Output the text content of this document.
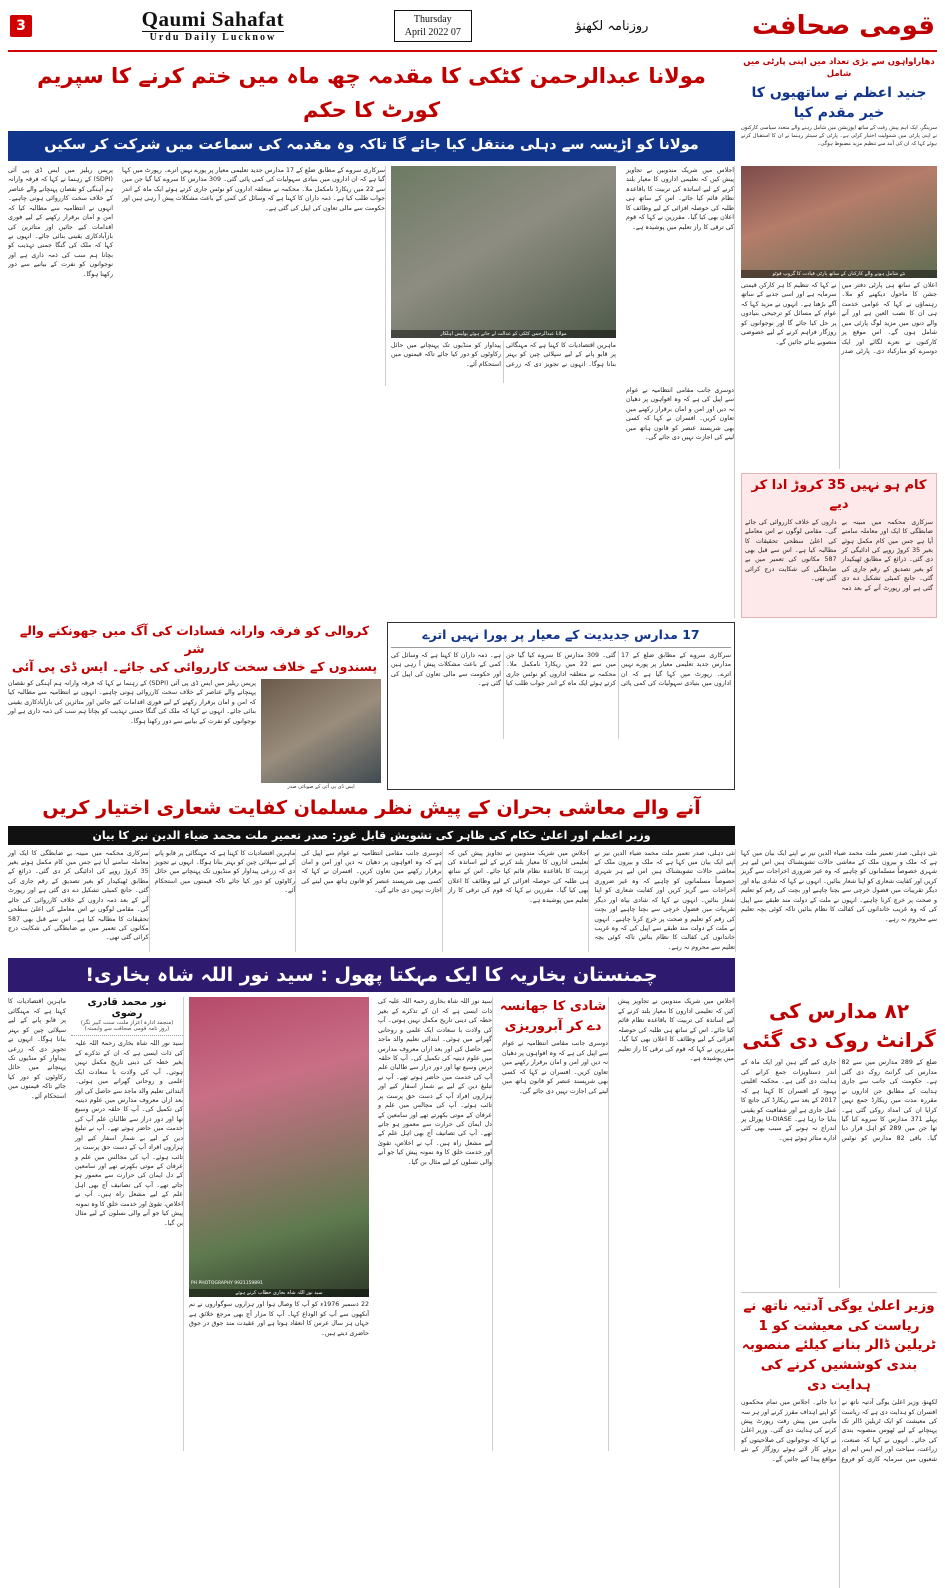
قومی صحافت
روزنامہ لکھنؤ
Thursday
07 April 2022
Qaumi Sahafat
Urdu Daily Lucknow
3
دھاراواہوں سے بڑی تعداد میں اپنی پارٹی میں شامل
جنید اعظم نے ساتھیوں کا خیر مقدم کیا
سرینگر، ایک اہم پیش رفت کے ساتھ اپوزیشن میں شامل رہنے والے متعدد سیاسی کارکنوں نے اپنی پارٹی میں شمولیت اختیار کرلی ہے۔ پارٹی کے سینئر رہنما نے ان کا استقبال کرتے ہوئے کہا کہ ان کی آمد سے تنظیم مزید مضبوط ہوگی۔
مولانا عبدالرحمن کٹکی کا مقدمہ چھ ماہ میں ختم کرنے کا سپریم کورٹ کا حکم
مولانا کو اڑیسہ سے دہلی منتقل کیا جائے گا تاکہ وہ مقدمہ کی سماعت میں شرکت کر سکیں
نئے شامل ہونے والے کارکنان کے ساتھ پارٹی قیادت کا گروپ فوٹو
اعلان کے ساتھ ہی پارٹی دفتر میں جشن کا ماحول دیکھنے کو ملا۔ رہنماؤں نے کہا کہ عوامی خدمت ہی ان کا نصب العین ہے اور آنے والے دنوں میں مزید لوگ پارٹی میں شامل ہوں گے۔ اس موقع پر کارکنوں نے نعرے لگائے اور ایک دوسرے کو مبارکباد دی۔ پارٹی صدر نے کہا کہ تنظیم کا ہر کارکن قیمتی سرمایہ ہے اور اسی جذبے کے ساتھ آگے بڑھنا ہے۔ انہوں نے مزید کہا کہ عوام کے مسائل کو ترجیحی بنیادوں پر حل کیا جائے گا اور نوجوانوں کو روزگار فراہم کرنے کے لیے خصوصی منصوبے بنائے جائیں گے۔
کام ہو نہیں 35 کروڑ ادا کر دیے
سرکاری محکمہ میں مبینہ بے ضابطگی کا ایک اور معاملہ سامنے آیا ہے جس میں کام مکمل ہوئے بغیر 35 کروڑ روپے کی ادائیگی کر دی گئی۔ ذرائع کے مطابق ٹھیکیدار کو بغیر تصدیق کے رقم جاری کی گئی۔ جانچ کمیٹی تشکیل دے دی گئی ہے اور رپورٹ آنے کے بعد ذمہ داروں کے خلاف کارروائی کی جائے گی۔ مقامی لوگوں نے اس معاملے کی اعلیٰ سطحی تحقیقات کا مطالبہ کیا ہے۔ اس سے قبل بھی 587 مکانوں کی تعمیر میں بے ضابطگی کی شکایت درج کرائی گئی تھی۔
اجلاس میں شریک مندوبین نے تجاویز پیش کیں کہ تعلیمی اداروں کا معیار بلند کرنے کے لیے اساتذہ کی تربیت کا باقاعدہ نظام قائم کیا جائے۔ اس کے ساتھ ہی طلبہ کی حوصلہ افزائی کے لیے وظائف کا اعلان بھی کیا گیا۔ مقررین نے کہا کہ قوم کی ترقی کا راز تعلیم میں پوشیدہ ہے۔
دوسری جانب مقامی انتظامیہ نے عوام سے اپیل کی ہے کہ وہ افواہوں پر دھیان نہ دیں اور امن و امان برقرار رکھنے میں تعاون کریں۔ افسران نے کہا کہ کسی بھی شرپسند عنصر کو قانون ہاتھ میں لینے کی اجازت نہیں دی جائے گی۔
مولانا عبدالرحمن کٹکی کو عدالت لے جاتے ہوئے پولیس اہلکار
ماہرین اقتصادیات کا کہنا ہے کہ مہنگائی پر قابو پانے کے لیے سپلائی چین کو بہتر بنانا ہوگا۔ انہوں نے تجویز دی کہ زرعی پیداوار کو منڈیوں تک پہنچانے میں حائل رکاوٹوں کو دور کیا جائے تاکہ قیمتوں میں استحکام آئے۔
سرکاری سروے کے مطابق ضلع کے 17 مدارس جدید تعلیمی معیار پر پورے نہیں اترے۔ رپورٹ میں کہا گیا ہے کہ ان اداروں میں بنیادی سہولیات کی کمی پائی گئی۔ 309 مدارس کا سروے کیا گیا جن میں سے 22 میں ریکارڈ نامکمل ملا۔ محکمہ نے متعلقہ اداروں کو نوٹس جاری کرتے ہوئے ایک ماہ کے اندر جواب طلب کیا ہے۔ ذمہ داران کا کہنا ہے کہ وسائل کی کمی کے باعث مشکلات پیش آ رہی ہیں اور حکومت سے مالی تعاون کی اپیل کی گئی ہے۔
پریس ریلیز میں ایس ڈی پی آئی (SDPI) کے رہنما نے کہا کہ فرقہ وارانہ ہم آہنگی کو نقصان پہنچانے والے عناصر کے خلاف سخت کارروائی ہونی چاہیے۔ انہوں نے انتظامیہ سے مطالبہ کیا کہ امن و امان برقرار رکھنے کے لیے فوری اقدامات کیے جائیں اور متاثرین کی بازآبادکاری یقینی بنائی جائے۔ انہوں نے کہا کہ ملک کی گنگا جمنی تہذیب کو بچانا ہم سب کی ذمہ داری ہے اور نوجوانوں کو نفرت کے بیانیے سے دور رکھنا ہوگا۔
17 مدارس جدیدیت کے معیار پر پورا نہیں اترے
سرکاری سروے کے مطابق ضلع کے 17 مدارس جدید تعلیمی معیار پر پورے نہیں اترے۔ رپورٹ میں کہا گیا ہے کہ ان اداروں میں بنیادی سہولیات کی کمی پائی گئی۔ 309 مدارس کا سروے کیا گیا جن میں سے 22 میں ریکارڈ نامکمل ملا۔ محکمہ نے متعلقہ اداروں کو نوٹس جاری کرتے ہوئے ایک ماہ کے اندر جواب طلب کیا ہے۔ ذمہ داران کا کہنا ہے کہ وسائل کی کمی کے باعث مشکلات پیش آ رہی ہیں اور حکومت سے مالی تعاون کی اپیل کی گئی ہے۔
کروالی کو فرقہ وارانہ فسادات کی آگ میں جھونکنے والے شر
پسندوں کے خلاف سخت کارروائی کی جائے۔ ایس ڈی پی آئی
ایس ڈی پی آئی کے صوبائی صدر
پریس ریلیز میں ایس ڈی پی آئی (SDPI) کے رہنما نے کہا کہ فرقہ وارانہ ہم آہنگی کو نقصان پہنچانے والے عناصر کے خلاف سخت کارروائی ہونی چاہیے۔ انہوں نے انتظامیہ سے مطالبہ کیا کہ امن و امان برقرار رکھنے کے لیے فوری اقدامات کیے جائیں اور متاثرین کی بازآبادکاری یقینی بنائی جائے۔ انہوں نے کہا کہ ملک کی گنگا جمنی تہذیب کو بچانا ہم سب کی ذمہ داری ہے اور نوجوانوں کو نفرت کے بیانیے سے دور رکھنا ہوگا۔
آنے والے معاشی بحران کے پیش نظر مسلمان کفایت شعاری اختیار کریں
وزیر اعظم اور اعلیٰ حکام کی ظاہر کی تشویش قابل غور: صدر تعمیر ملت محمد ضیاء الدین نیر کا بیان
نئی دہلی، صدر تعمیر ملت محمد ضیاء الدین نیر نے اپنے ایک بیان میں کہا ہے کہ ملک و بیرون ملک کے معاشی حالات تشویشناک ہیں اس لیے ہر شہری خصوصاً مسلمانوں کو چاہیے کہ وہ غیر ضروری اخراجات سے گریز کریں اور کفایت شعاری کو اپنا شعار بنائیں۔ انہوں نے کہا کہ شادی بیاہ اور دیگر تقریبات میں فضول خرچی سے بچنا چاہیے اور بچت کی رقم کو تعلیم و صحت پر خرچ کرنا چاہیے۔ انہوں نے ملت کے دولت مند طبقے سے اپیل کی کہ وہ غریب خاندانوں کی کفالت کا نظام بنائیں تاکہ کوئی بچہ تعلیم سے محروم نہ رہے۔
نئی دہلی، صدر تعمیر ملت محمد ضیاء الدین نیر نے اپنے ایک بیان میں کہا ہے کہ ملک و بیرون ملک کے معاشی حالات تشویشناک ہیں اس لیے ہر شہری خصوصاً مسلمانوں کو چاہیے کہ وہ غیر ضروری اخراجات سے گریز کریں اور کفایت شعاری کو اپنا شعار بنائیں۔ انہوں نے کہا کہ شادی بیاہ اور دیگر تقریبات میں فضول خرچی سے بچنا چاہیے اور بچت کی رقم کو تعلیم و صحت پر خرچ کرنا چاہیے۔ انہوں نے ملت کے دولت مند طبقے سے اپیل کی کہ وہ غریب خاندانوں کی کفالت کا نظام بنائیں تاکہ کوئی بچہ تعلیم سے محروم نہ رہے۔
اجلاس میں شریک مندوبین نے تجاویز پیش کیں کہ تعلیمی اداروں کا معیار بلند کرنے کے لیے اساتذہ کی تربیت کا باقاعدہ نظام قائم کیا جائے۔ اس کے ساتھ ہی طلبہ کی حوصلہ افزائی کے لیے وظائف کا اعلان بھی کیا گیا۔ مقررین نے کہا کہ قوم کی ترقی کا راز تعلیم میں پوشیدہ ہے۔
دوسری جانب مقامی انتظامیہ نے عوام سے اپیل کی ہے کہ وہ افواہوں پر دھیان نہ دیں اور امن و امان برقرار رکھنے میں تعاون کریں۔ افسران نے کہا کہ کسی بھی شرپسند عنصر کو قانون ہاتھ میں لینے کی اجازت نہیں دی جائے گی۔
ماہرین اقتصادیات کا کہنا ہے کہ مہنگائی پر قابو پانے کے لیے سپلائی چین کو بہتر بنانا ہوگا۔ انہوں نے تجویز دی کہ زرعی پیداوار کو منڈیوں تک پہنچانے میں حائل رکاوٹوں کو دور کیا جائے تاکہ قیمتوں میں استحکام آئے۔
سرکاری محکمہ میں مبینہ بے ضابطگی کا ایک اور معاملہ سامنے آیا ہے جس میں کام مکمل ہوئے بغیر 35 کروڑ روپے کی ادائیگی کر دی گئی۔ ذرائع کے مطابق ٹھیکیدار کو بغیر تصدیق کے رقم جاری کی گئی۔ جانچ کمیٹی تشکیل دے دی گئی ہے اور رپورٹ آنے کے بعد ذمہ داروں کے خلاف کارروائی کی جائے گی۔ مقامی لوگوں نے اس معاملے کی اعلیٰ سطحی تحقیقات کا مطالبہ کیا ہے۔ اس سے قبل بھی 587 مکانوں کی تعمیر میں بے ضابطگی کی شکایت درج کرائی گئی تھی۔
چمنستان بخاریہ کا ایک مہکتا پھول : سید نور اللہ شاہ بخاری!
۸۲ مدارس کی گرانٹ روک دی گئی
ضلع کے 289 مدارس میں سے 82 مدارس کی گرانٹ روک دی گئی ہے۔ حکومت کی جانب سے جاری ہدایت کے مطابق جن اداروں نے مقررہ مدت میں ریکارڈ جمع نہیں کرایا ان کی امداد روکی گئی ہے۔ پہلے 371 مدارس کا سروے کیا گیا تھا جن میں 289 کو اہل قرار دیا گیا۔ باقی 82 مدارس کو نوٹس جاری کیے گئے ہیں اور ایک ماہ کے اندر دستاویزات جمع کرانے کی ہدایت دی گئی ہے۔ محکمہ اقلیتی بہبود کے افسران کا کہنا ہے کہ 2017 کے بعد سے ریکارڈ کی جانچ کا عمل جاری ہے اور شفافیت کو یقینی بنایا جا رہا ہے۔ U-DIASE پورٹل پر اندراج نہ ہونے کے سبب بھی کئی ادارے متاثر ہوئے ہیں۔
وزیر اعلیٰ یوگی آدتیہ ناتھ نے ریاست کی معیشت کو 1 ٹریلین ڈالر بنانے کیلئے منصوبہ بندی کوششیں کرنے کی ہدایت دی
لکھنؤ، وزیر اعلیٰ یوگی آدتیہ ناتھ نے افسران کو ہدایت دی ہے کہ ریاست کی معیشت کو ایک ٹریلین ڈالر تک پہنچانے کے لیے ٹھوس منصوبہ بندی کی جائے۔ انہوں نے کہا کہ صنعت، زراعت، سیاحت اور ایم ایس ایم ای شعبوں میں سرمایہ کاری کو فروغ دیا جائے۔ اجلاس میں تمام محکموں کو اپنے اہداف مقرر کرنے اور ہر سہ ماہی میں پیش رفت رپورٹ پیش کرنے کی ہدایت دی گئی۔ وزیر اعلیٰ نے کہا کہ نوجوانوں کی صلاحیتوں کو بروئے کار لاتے ہوئے روزگار کے نئے مواقع پیدا کیے جائیں گے۔
اجلاس میں شریک مندوبین نے تجاویز پیش کیں کہ تعلیمی اداروں کا معیار بلند کرنے کے لیے اساتذہ کی تربیت کا باقاعدہ نظام قائم کیا جائے۔ اس کے ساتھ ہی طلبہ کی حوصلہ افزائی کے لیے وظائف کا اعلان بھی کیا گیا۔ مقررین نے کہا کہ قوم کی ترقی کا راز تعلیم میں پوشیدہ ہے۔
شادی کا جھانسہ دے کر آبروریزی
دوسری جانب مقامی انتظامیہ نے عوام سے اپیل کی ہے کہ وہ افواہوں پر دھیان نہ دیں اور امن و امان برقرار رکھنے میں تعاون کریں۔ افسران نے کہا کہ کسی بھی شرپسند عنصر کو قانون ہاتھ میں لینے کی اجازت نہیں دی جائے گی۔
سید نور اللہ شاہ بخاری رحمۃ اللہ علیہ کی ذات ایسی ہے کہ ان کے تذکرے کے بغیر خطہ کی دینی تاریخ مکمل نہیں ہوتی۔ آپ کی ولادت با سعادت ایک علمی و روحانی گھرانے میں ہوئی۔ ابتدائی تعلیم والد ماجد سے حاصل کی اور بعد ازاں معروف مدارس میں علوم دینیہ کی تکمیل کی۔ آپ کا حلقہ درس وسیع تھا اور دور دراز سے طالبان علم آپ کی خدمت میں حاضر ہوتے تھے۔ آپ نے تبلیغ دین کے لیے بے شمار اسفار کیے اور ہزاروں افراد آپ کے دست حق پرست پر تائب ہوئے۔ آپ کی مجالس میں علم و عرفان کے موتی بکھرتے تھے اور سامعین کے دل ایمان کی حرارت سے معمور ہو جاتے تھے۔ آپ کی تصانیف آج بھی اہل علم کے لیے مشعل راہ ہیں۔ آپ نے اخلاص، تقویٰ اور خدمت خلق کا وہ نمونہ پیش کیا جو آنے والی نسلوں کے لیے مثال بن گیا۔
PH PHOTOGRAPHY 9921159891
سید نور اللہ شاہ بخاری خطاب کرتے ہوئے
22 دسمبر 1976ء کو آپ کا وصال ہوا اور ہزاروں سوگواروں نے نم آنکھوں سے آپ کو الوداع کہا۔ آپ کا مزار آج بھی مرجع خلائق ہے جہاں ہر سال عرس کا انعقاد ہوتا ہے اور عقیدت مند جوق در جوق حاضری دیتے ہیں۔
نور محمد قادری رضوی
(منجمد ادارہ اعزاز ملت، سنت کبیر نگر)
(روز نامہ قومی صحافت سے وابستہ)
سید نور اللہ شاہ بخاری رحمۃ اللہ علیہ کی ذات ایسی ہے کہ ان کے تذکرے کے بغیر خطہ کی دینی تاریخ مکمل نہیں ہوتی۔ آپ کی ولادت با سعادت ایک علمی و روحانی گھرانے میں ہوئی۔ ابتدائی تعلیم والد ماجد سے حاصل کی اور بعد ازاں معروف مدارس میں علوم دینیہ کی تکمیل کی۔ آپ کا حلقہ درس وسیع تھا اور دور دراز سے طالبان علم آپ کی خدمت میں حاضر ہوتے تھے۔ آپ نے تبلیغ دین کے لیے بے شمار اسفار کیے اور ہزاروں افراد آپ کے دست حق پرست پر تائب ہوئے۔ آپ کی مجالس میں علم و عرفان کے موتی بکھرتے تھے اور سامعین کے دل ایمان کی حرارت سے معمور ہو جاتے تھے۔ آپ کی تصانیف آج بھی اہل علم کے لیے مشعل راہ ہیں۔ آپ نے اخلاص، تقویٰ اور خدمت خلق کا وہ نمونہ پیش کیا جو آنے والی نسلوں کے لیے مثال بن گیا۔
ماہرین اقتصادیات کا کہنا ہے کہ مہنگائی پر قابو پانے کے لیے سپلائی چین کو بہتر بنانا ہوگا۔ انہوں نے تجویز دی کہ زرعی پیداوار کو منڈیوں تک پہنچانے میں حائل رکاوٹوں کو دور کیا جائے تاکہ قیمتوں میں استحکام آئے۔
